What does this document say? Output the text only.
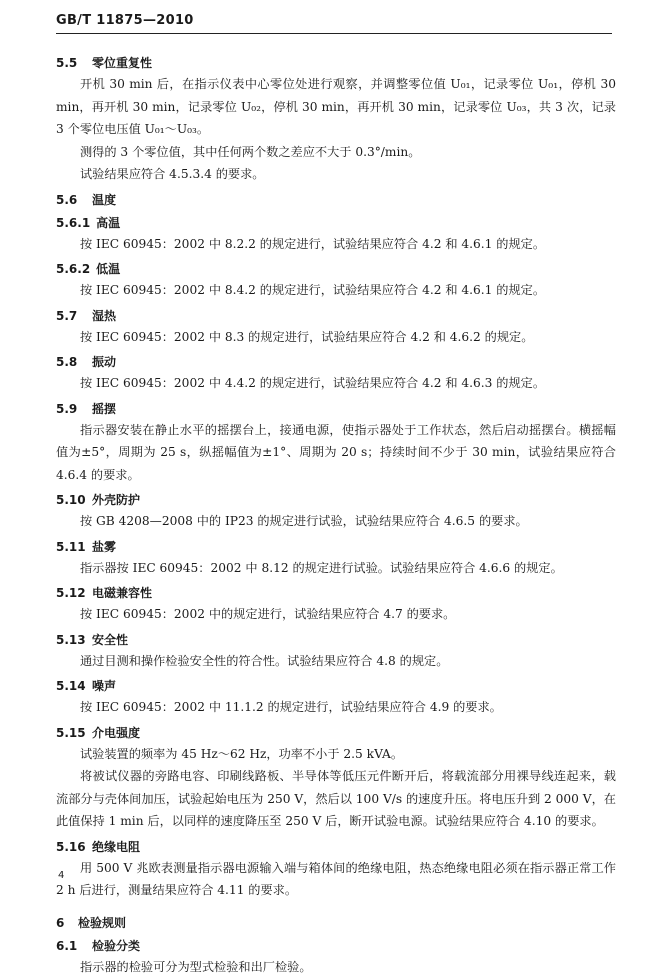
GB/T 11875—2010
5.5  零位重复性

开机 30 min 后，在指示仪表中心零位处进行观察，并调整零位值 U₀₁，记录零位 U₀₁，停机 30 min，再开机 30 min，记录零位 U₀₂，停机 30 min，再开机 30 min，记录零位 U₀₃，共 3 次，记录 3 个零位电压值 U₀₁～U₀₃。

测得的 3 个零位值，其中任何两个数之差应不大于 0.3°/min。

试验结果应符合 4.5.3.4 的要求。

5.6  温度
5.6.1  高温

按 IEC 60945：2002 中 8.2.2 的规定进行，试验结果应符合 4.2 和 4.6.1 的规定。

5.6.2  低温

按 IEC 60945：2002 中 8.4.2 的规定进行，试验结果应符合 4.2 和 4.6.1 的规定。

5.7  湿热

按 IEC 60945：2002 中 8.3 的规定进行，试验结果应符合 4.2 和 4.6.2 的规定。

5.8  振动

按 IEC 60945：2002 中 4.4.2 的规定进行，试验结果应符合 4.2 和 4.6.3 的规定。

5.9  摇摆

指示器安装在静止水平的摇摆台上，接通电源，使指示器处于工作状态，然后启动摇摆台。横摇幅值为±5°，周期为 25 s，纵摇幅值为±1°、周期为 20 s；持续时间不少于 30 min，试验结果应符合 4.6.4 的要求。

5.10  外壳防护

按 GB 4208—2008 中的 IP23 的规定进行试验，试验结果应符合 4.6.5 的要求。

5.11  盐雾

指示器按 IEC 60945：2002 中 8.12 的规定进行试验。试验结果应符合 4.6.6 的规定。

5.12  电磁兼容性

按 IEC 60945：2002 中的规定进行，试验结果应符合 4.7 的要求。

5.13  安全性

通过目测和操作检验安全性的符合性。试验结果应符合 4.8 的规定。

5.14  噪声

按 IEC 60945：2002 中 11.1.2 的规定进行，试验结果应符合 4.9 的要求。

5.15  介电强度

试验装置的频率为 45 Hz～62 Hz，功率不小于 2.5 kVA。

将被试仪器的旁路电容、印刷线路板、半导体等低压元件断开后，将载流部分用裸导线连起来，载流部分与壳体间加压，试验起始电压为 250 V，然后以 100 V/s 的速度升压。将电压升到 2 000 V，在此值保持 1 min 后，以同样的速度降压至 250 V 后，断开试验电源。试验结果应符合 4.10 的要求。

5.16  绝缘电阻

用 500 V 兆欧表测量指示器电源输入端与箱体间的绝缘电阻，热态绝缘电阻必须在指示器正常工作 2 h 后进行，测量结果应符合 4.11 的要求。

6  检验规则
6.1  检验分类

指示器的检验可分为型式检验和出厂检验。

4
